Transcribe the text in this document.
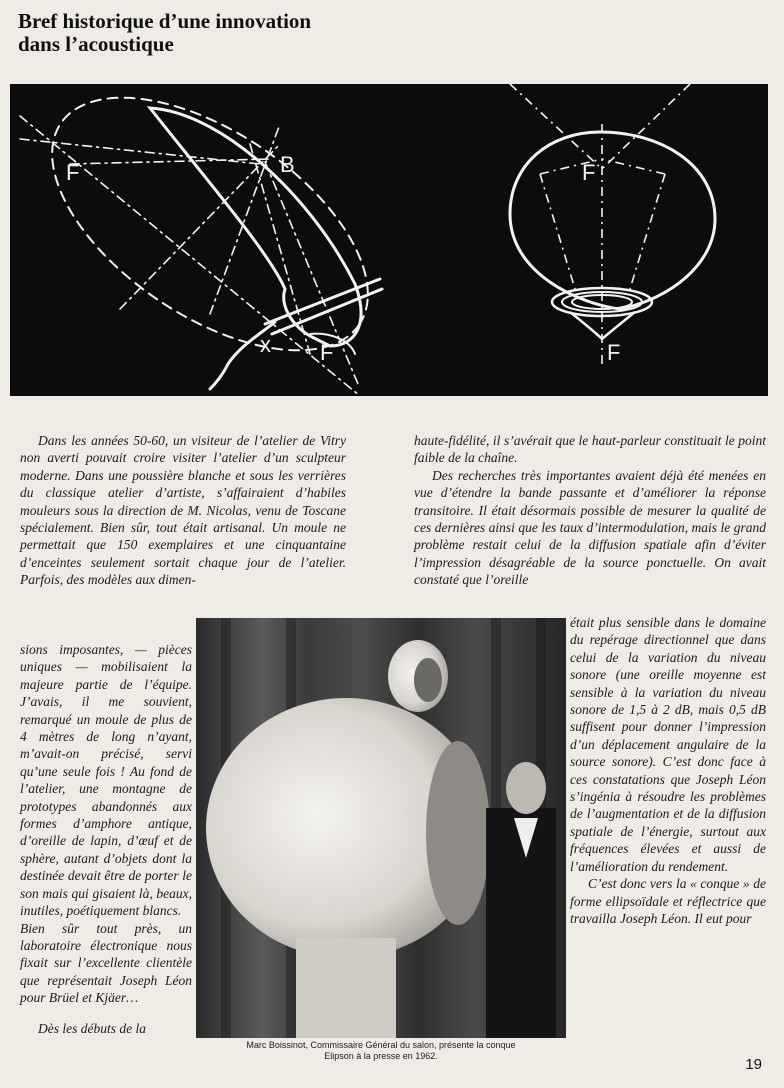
Bref historique d’une innovation
dans l’acoustique
F	B
x F
F
F

Dans les années 50-60, un visiteur de l’atelier de Vitry non averti pouvait croire visiter l’atelier d’un sculpteur moderne. Dans une poussière blanche et sous les verrières du classique atelier d’artiste, s’affairaient d’habiles mouleurs sous la direction de M. Nicolas, venu de Toscane spécialement. Bien sûr, tout était artisanal. Un moule ne permettait que 150 exemplaires et une cinquantaine d’enceintes seulement sortait chaque jour de l’atelier. Parfois, des modèles aux dimen-

sions imposantes, — pièces uniques — mobilisaient la majeure partie de l’équipe. J’avais, il me souvient, remarqué un moule de plus de 4 mètres de long n’ayant, m’avait-on précisé, servi qu’une seule fois ! Au fond de l’atelier, une montagne de prototypes abandonnés aux formes d’amphore antique, d’oreille de lapin, d’œuf et de sphère, autant d’objets dont la destinée devait être de porter le son mais qui gisaient là, beaux, inutiles, poétiquement blancs.

Bien sûr tout près, un laboratoire électronique nous fixait sur l’excellente clientèle que représentait Joseph Léon pour Brüel et Kjäer…

Dès les débuts de la

haute-fidélité, il s’avérait que le haut-parleur constituait le point faible de la chaîne.

Des recherches très importantes avaient déjà été menées en vue d’étendre la bande passante et d’améliorer la réponse transitoire. Il était désormais possible de mesurer la qualité de ces dernières ainsi que les taux d’intermodulation, mais le grand problème restait celui de la diffusion spatiale afin d’éviter l’impression désagréable de la source ponctuelle. On avait constaté que l’oreille

était plus sensible dans le domaine du repérage directionnel que dans celui de la variation du niveau sonore (une oreille moyenne est sensible à la variation du niveau sonore de 1,5 à 2 dB, mais 0,5 dB suffisent pour donner l’impression d’un déplacement angulaire de la source sonore). C’est donc face à ces constatations que Joseph Léon s’ingénia à résoudre les problèmes de l’augmentation et de la diffusion spatiale de l’énergie, surtout aux fréquences élevées et aussi de l’amélioration du rendement.

C’est donc vers la « conque » de forme ellipsoïdale et réflectrice que travailla Joseph Léon. Il eut pour

Marc Boissinot, Commissaire Général du salon, présente la conque
Elipson à la presse en 1962.	19
